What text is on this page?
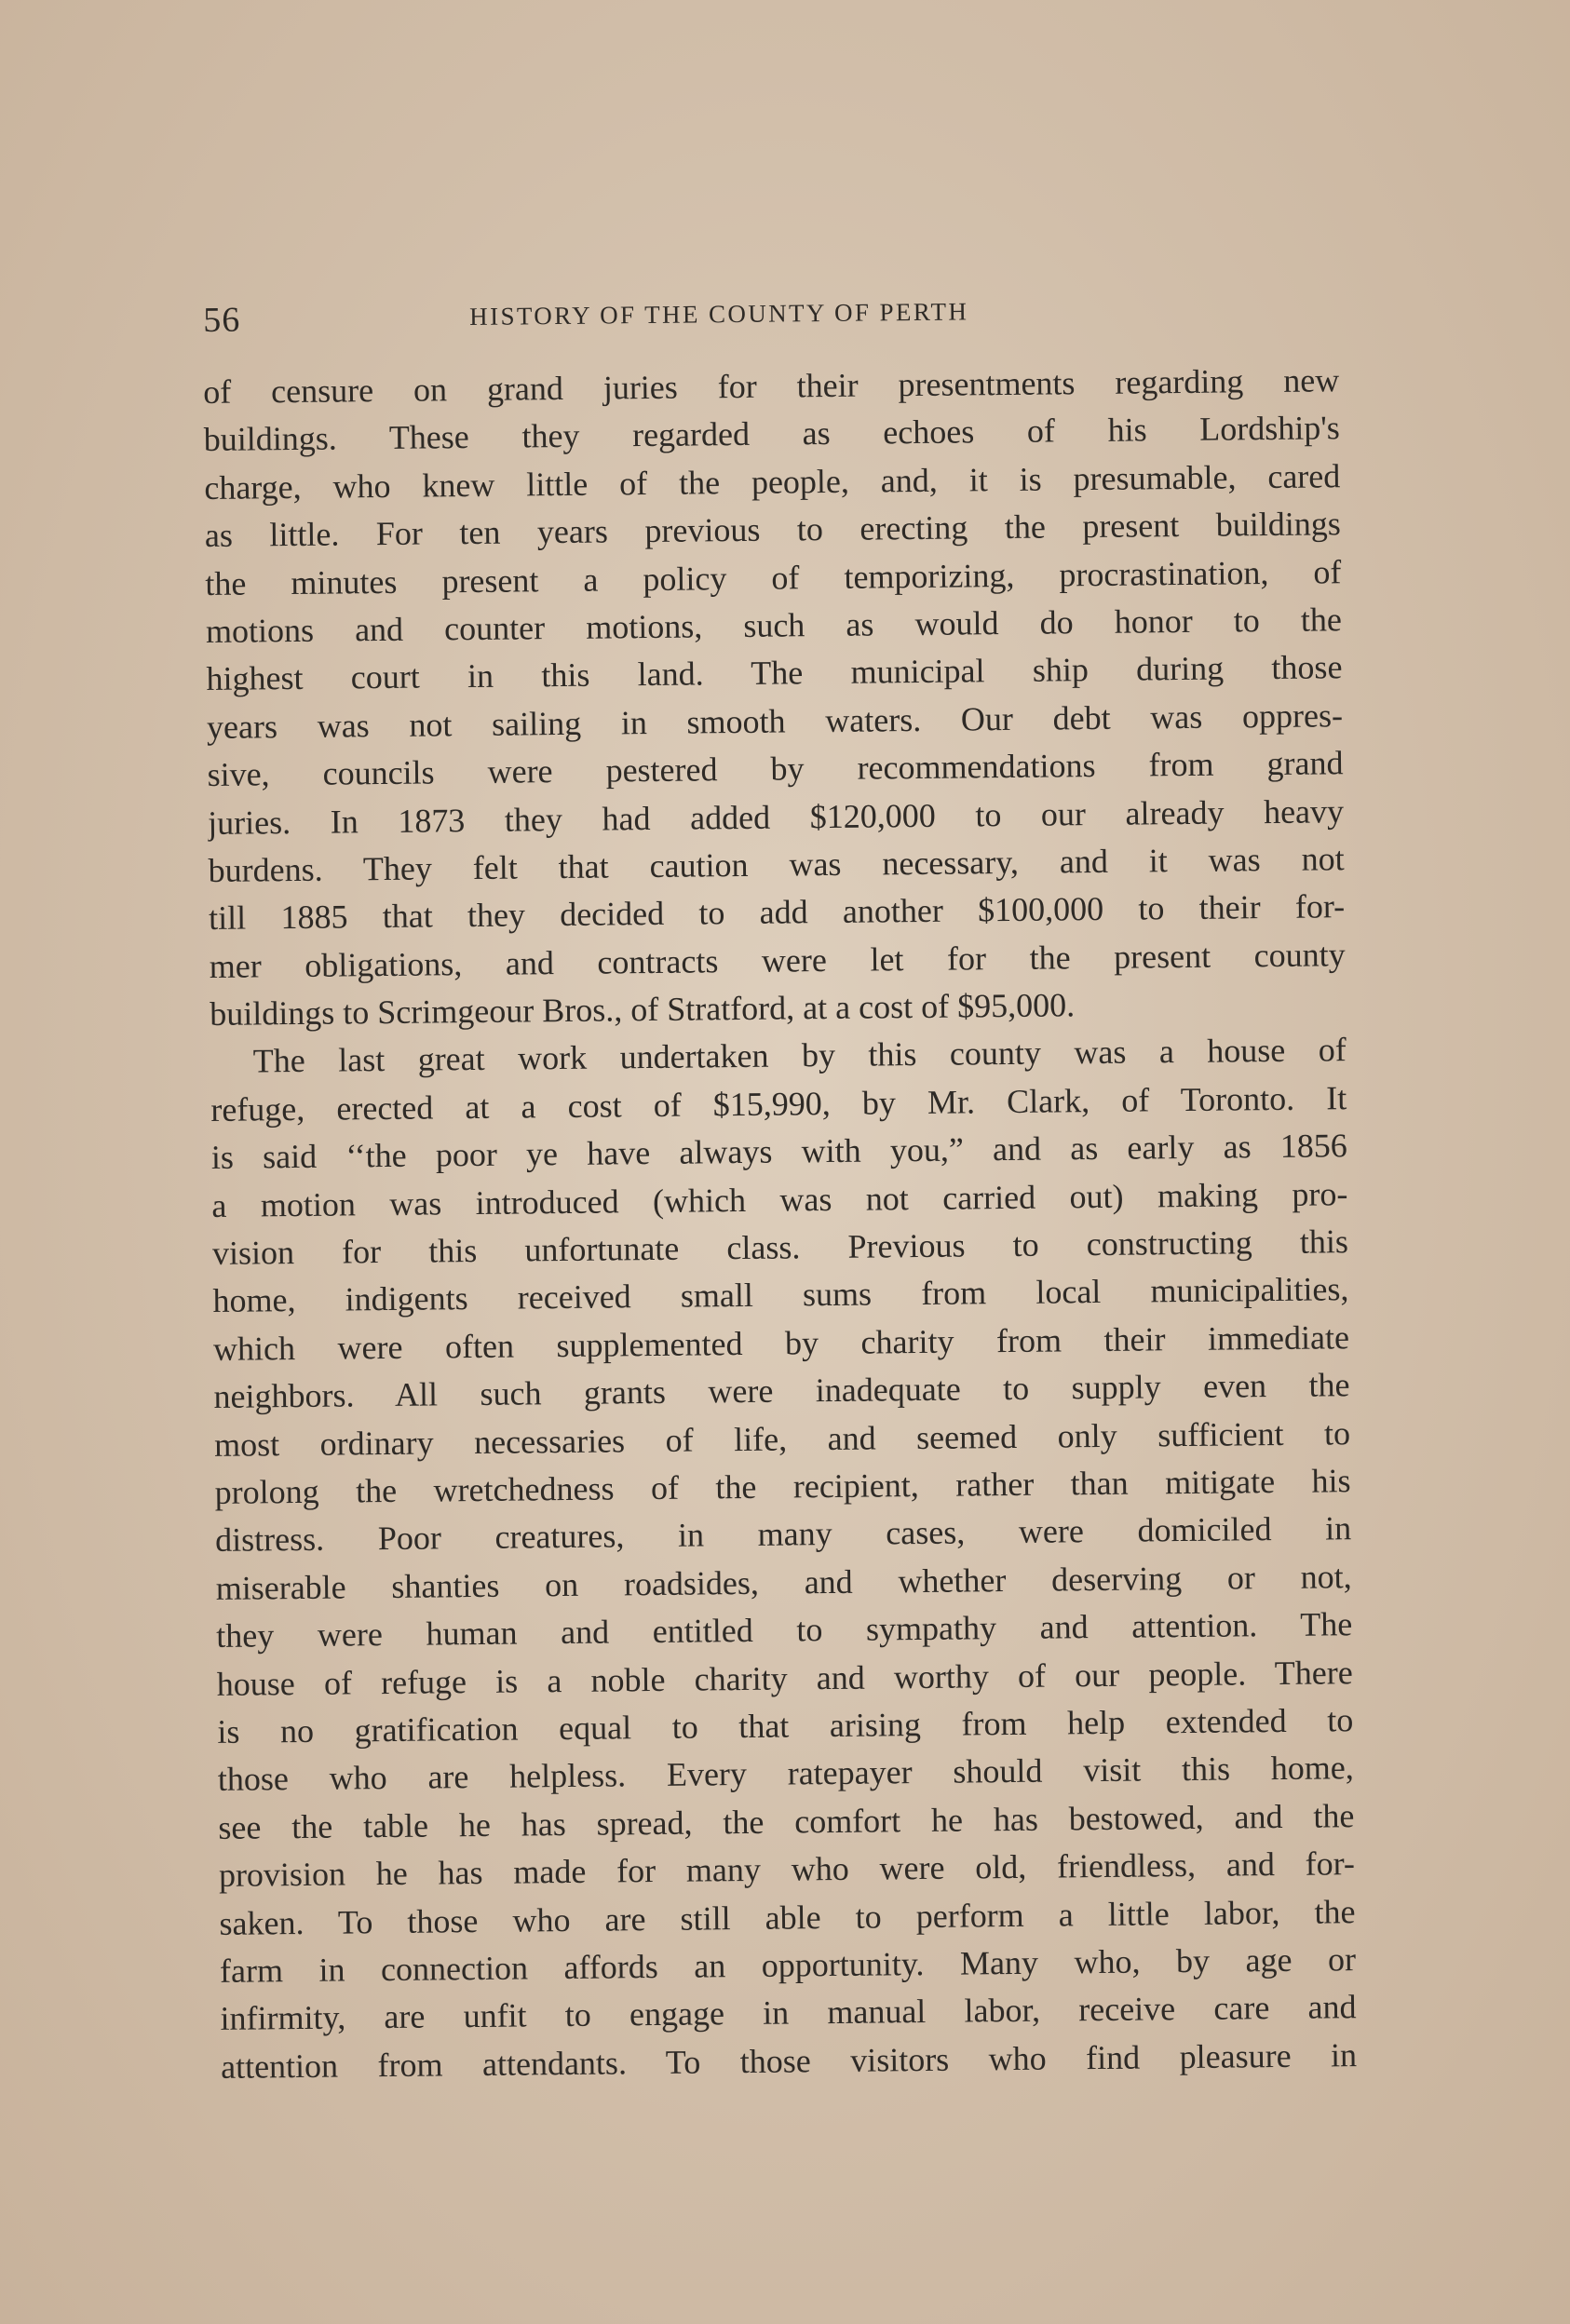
56	HISTORY OF THE COUNTY OF PERTH
of censure on grand juries for their presentments regarding new
buildings. These they regarded as echoes of his Lordship's
charge, who knew little of the people, and, it is presumable, cared
as little. For ten years previous to erecting the present buildings
the minutes present a policy of temporizing, procrastination, of
motions and counter motions, such as would do honor to the
highest court in this land. The municipal ship during those
years was not sailing in smooth waters. Our debt was oppres-
sive, councils were pestered by recommendations from grand
juries. In 1873 they had added $120,000 to our already heavy
burdens. They felt that caution was necessary, and it was not
till 1885 that they decided to add another $100,000 to their for-
mer obligations, and contracts were let for the present county
buildings to Scrimgeour Bros., of Stratford, at a cost of $95,000.
The last great work undertaken by this county was a house of
refuge, erected at a cost of $15,990, by Mr. Clark, of Toronto. It
is said ‘‘the poor ye have always with you,” and as early as 1856
a motion was introduced (which was not carried out) making pro-
vision for this unfortunate class. Previous to constructing this
home, indigents received small sums from local municipalities,
which were often supplemented by charity from their immediate
neighbors. All such grants were inadequate to supply even the
most ordinary necessaries of life, and seemed only sufficient to
prolong the wretchedness of the recipient, rather than mitigate his
distress. Poor creatures, in many cases, were domiciled in
miserable shanties on roadsides, and whether deserving or not,
they were human and entitled to sympathy and attention. The
house of refuge is a noble charity and worthy of our people. There
is no gratification equal to that arising from help extended to
those who are helpless. Every ratepayer should visit this home,
see the table he has spread, the comfort he has bestowed, and the
provision he has made for many who were old, friendless, and for-
saken. To those who are still able to perform a little labor, the
farm in connection affords an opportunity. Many who, by age or
infirmity, are unfit to engage in manual labor, receive care and
attention from attendants. To those visitors who find pleasure in
